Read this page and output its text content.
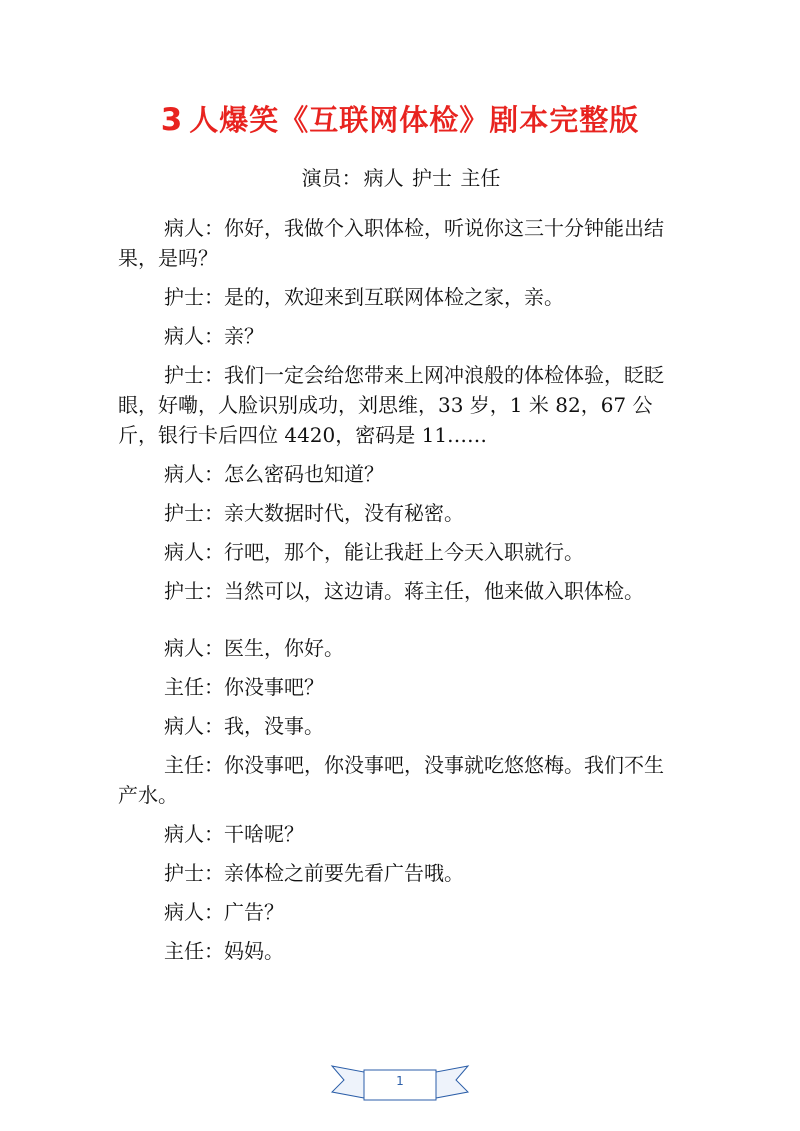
3 人爆笑《互联网体检》剧本完整版
演员： 病人 护士 主任

病人：你好，我做个入职体检，听说你这三十分钟能出结果，是吗？

护士：是的，欢迎来到互联网体检之家，亲。

病人：亲？

护士：我们一定会给您带来上网冲浪般的体检体验，眨眨眼，好嘞，人脸识别成功，刘思维，33 岁，1 米 82，67 公斤，银行卡后四位 4420，密码是 11……

病人：怎么密码也知道？

护士：亲大数据时代，没有秘密。

病人：行吧，那个，能让我赶上今天入职就行。

护士：当然可以，这边请。蒋主任，他来做入职体检。

病人：医生，你好。

主任：你没事吧？

病人：我，没事。

主任：你没事吧，你没事吧，没事就吃悠悠梅。我们不生产水。

病人：干啥呢？

护士：亲体检之前要先看广告哦。

病人：广告？

主任：妈妈。

1
